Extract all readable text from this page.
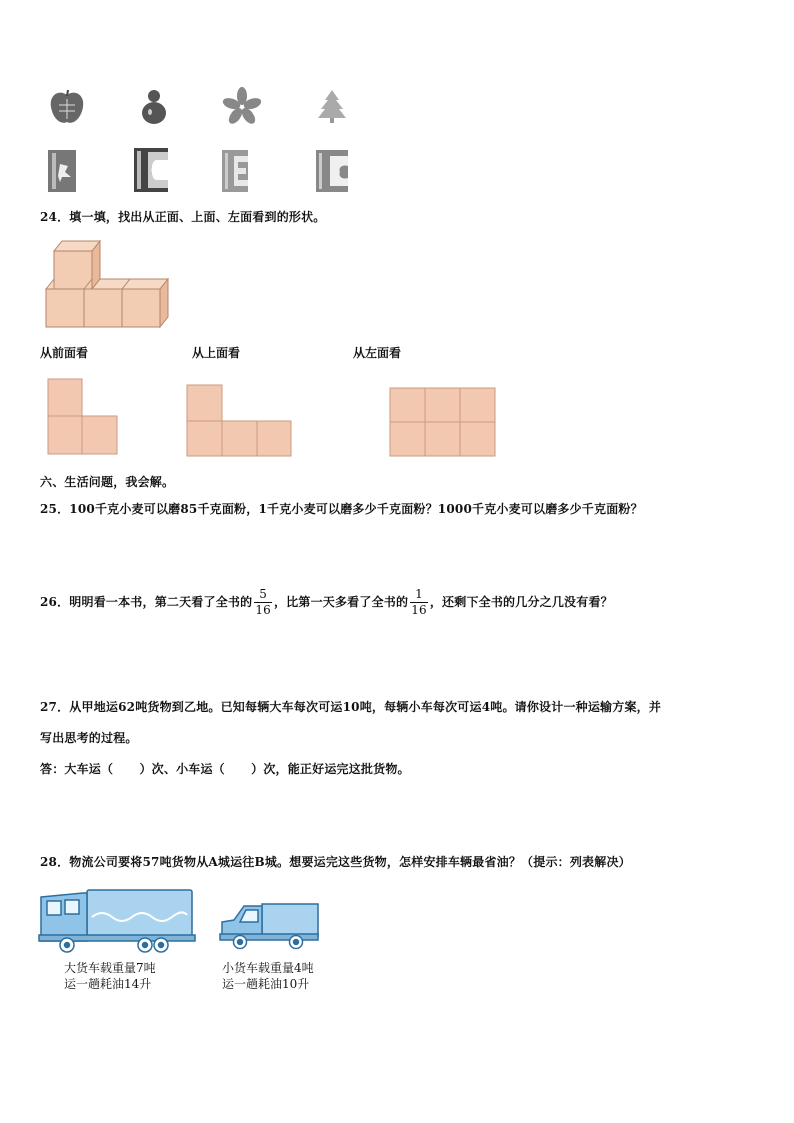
24．填一填，找出从正面、上面、左面看到的形状。
从前面看	从上面看	从左面看
六、生活问题，我会解。
25．100千克小麦可以磨85千克面粉，1千克小麦可以磨多少千克面粉？1000千克小麦可以磨多少千克面粉？
26．明明看一本书，第二天看了全书的 $\frac{5}{16}$ ，比第一天多看了全书的 $\frac{1}{16}$ ，还剩下全书的几分之几没有看？
27．从甲地运62吨货物到乙地。已知每辆大车每次可运10吨，每辆小车每次可运4吨。请你设计一种运输方案，并
写出思考的过程。
答：大车运（      ）次、小车运（      ）次，能正好运完这批货物。
28．物流公司要将57吨货物从A城运往B城。想要运完这些货物，怎样安排车辆最省油？（提示：列表解决）
大货车载重量7吨
运一趟耗油14升
小货车载重量4吨
运一趟耗油10升
